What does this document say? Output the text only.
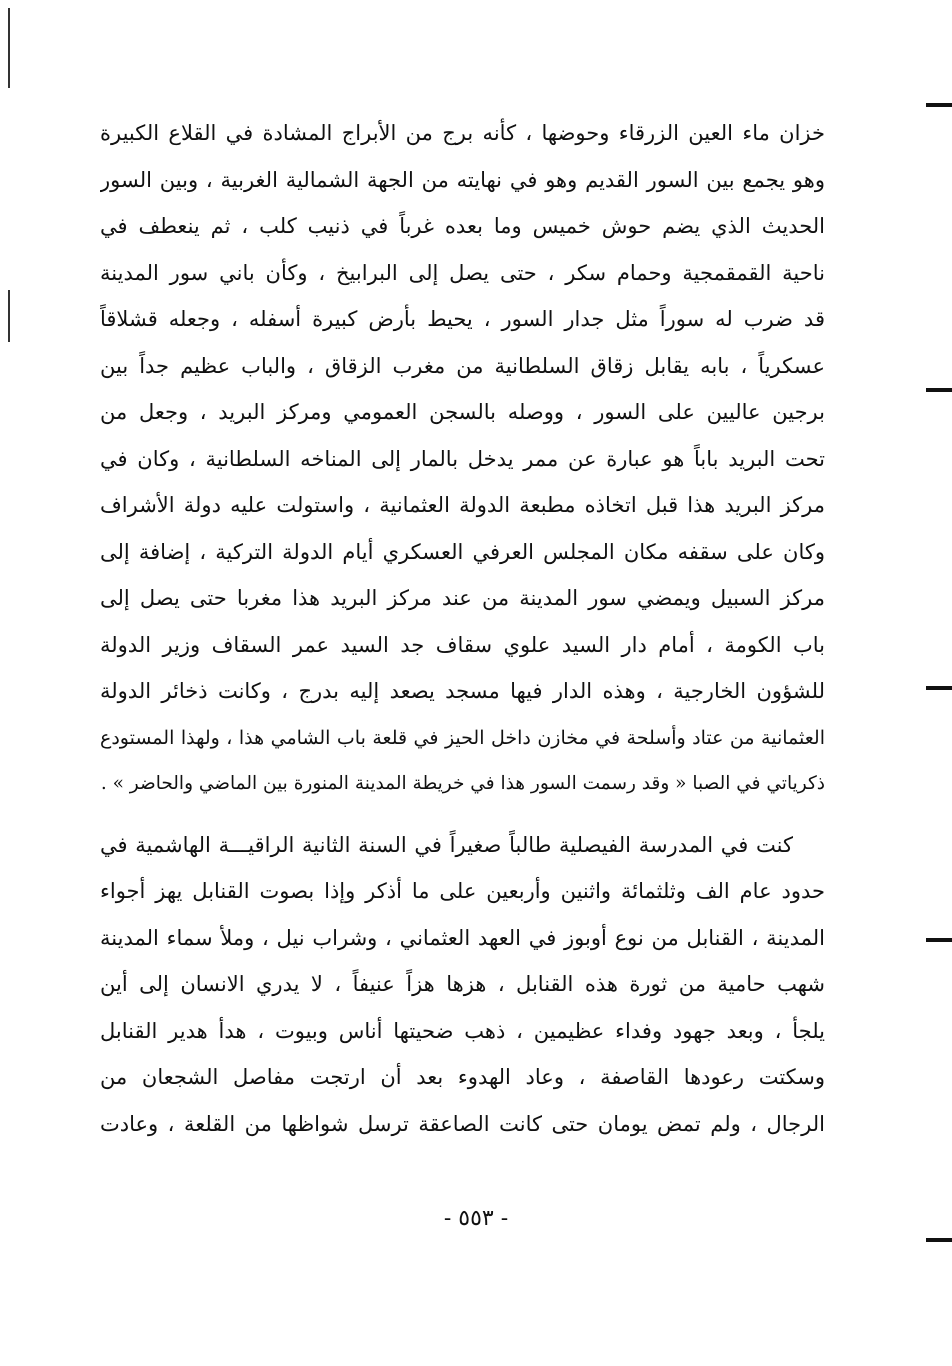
خزان ماء العين الزرقاء وحوضها ، كأنه برج من الأبراج المشادة في القلاع الكبيرة
وهو يجمع بين السور القديم وهو في نهايته من الجهة الشمالية الغربية ، وبين السور
الحديث الذي يضم حوش خميس وما بعده غرباً في ذنيب كلب ، ثم ينعطف في
ناحية القمقمجية وحمام سكر ، حتى يصل إلى البرابيخ ، وكأن باني سور المدينة
قد ضرب له سوراً مثل جدار السور ، يحيط بأرض كبيرة أسفله ، وجعله قشلاقاً
عسكرياً ، بابه يقابل زقاق السلطانية من مغرب الزقاق ، والباب عظيم جداً بين
برجين عاليين على السور ، ووصله بالسجن العمومي ومركز البريد ، وجعل من
تحت البريد باباً هو عبارة عن ممر يدخل بالمار إلى المناخه السلطانية ، وكان في
مركز البريد هذا قبل اتخاذه مطبعة الدولة العثمانية ، واستولت عليه دولة الأشراف
وكان على سقفه مكان المجلس العرفي العسكري أيام الدولة التركية ، إضافة إلى
مركز السبيل ويمضي سور المدينة من عند مركز البريد هذا مغربا حتى يصل إلى
باب الكومة ، أمام دار السيد علوي سقاف جد السيد عمر السقاف وزير الدولة
للشؤون الخارجية ، وهذه الدار فيها مسجد يصعد إليه بدرج ، وكانت ذخائر الدولة
العثمانية من عتاد وأسلحة في مخازن داخل الحيز في قلعة باب الشامي هذا ، ولهذا المستودع
ذكرياتي في الصبا « وقد رسمت السور هذا في خريطة المدينة المنورة بين الماضي والحاضر » .
كنت في المدرسة الفيصلية طالباً صغيراً في السنة الثانية الراقيـــة الهاشمية في
حدود عام الف وثلثمائة واثنين وأربعين على ما أذكر وإذا بصوت القنابل يهز أجواء
المدينة ، القنابل من نوع أوبوز في العهد العثماني ، وشراب نيل ، وملأ سماء المدينة
شهب حامية من ثورة هذه القنابل ، هزها هزاً عنيفاً ، لا يدري الانسان إلى أين
يلجأ ، وبعد جهود وفداء عظيمين ، ذهب ضحيتها أناس وبيوت ، هدأ هدير القنابل
وسكتت رعودها القاصفة ، وعاد الهدوء بعد أن ارتجت مفاصل الشجعان من
الرجال ، ولم تمض يومان حتى كانت الصاعقة ترسل شواظها من القلعة ، وعادت
- ٥٥٣ -
